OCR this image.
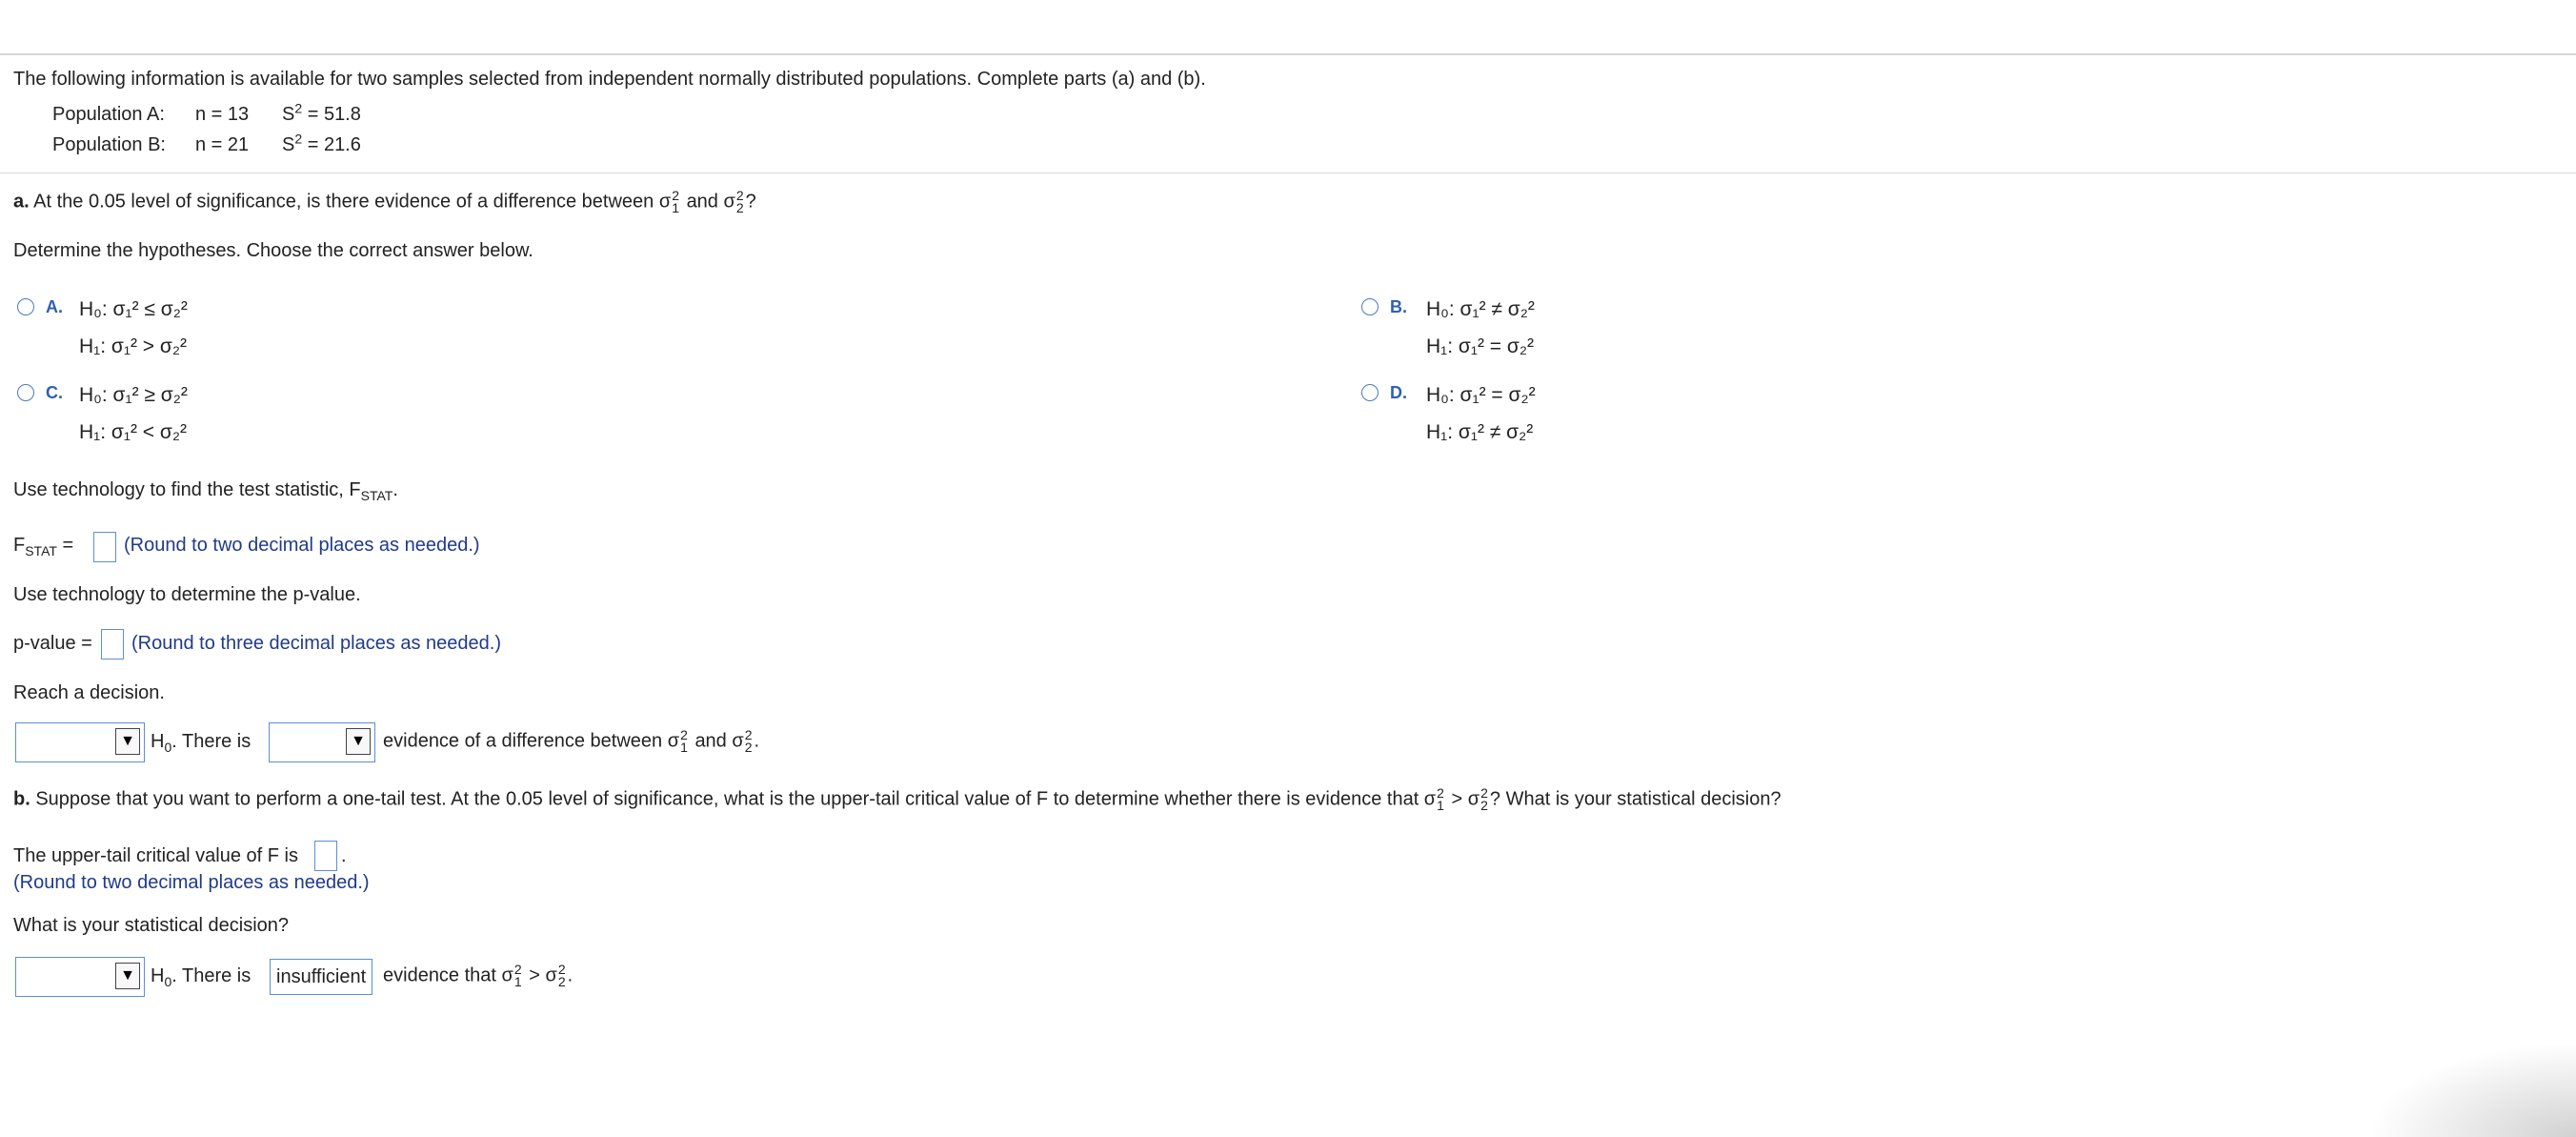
The following information is available for two samples selected from independent normally distributed populations. Complete parts (a) and (b).
Population A: n = 13 $S^2 = 51.8$
Population B: n = 21 $S^2 = 21.6$
a. At the 0.05 level of significance, is there evidence of a difference between σ 2
1 and σ 2
2 ?
Determine the hypotheses. Choose the correct answer below.
A. H₀: σ₁² ≤ σ₂²
H₁: σ₁² > σ₂²
B. H₀: σ₁² ≠ σ₂²
H₁: σ₁² = σ₂²
C. H₀: σ₁² ≥ σ₂²
H₁: σ₁² < σ₂²
D. H₀: σ₁² = σ₂²
H₁: σ₁² ≠ σ₂²
Use technology to find the test statistic, $F_{STAT}$.
$F_{STAT}$ =	(Round to two decimal places as needed.)
Use technology to determine the p-value.
p-value = (Round to three decimal places as needed.)
Reach a decision.
▼ $H_0$. There is	▼ evidence of a difference between σ 2
1 and σ 2
2 .
b. Suppose that you want to perform a one-tail test. At the 0.05 level of significance, what is the upper-tail critical value of F to determine whether there is evidence that σ 2
1 > σ 2
2 ? What is your statistical decision?
The upper-tail critical value of F is .
(Round to two decimal places as needed.)
What is your statistical decision?
▼ $H_0$. There is	insufficient evidence that σ 2
1 > σ 2
2 .
